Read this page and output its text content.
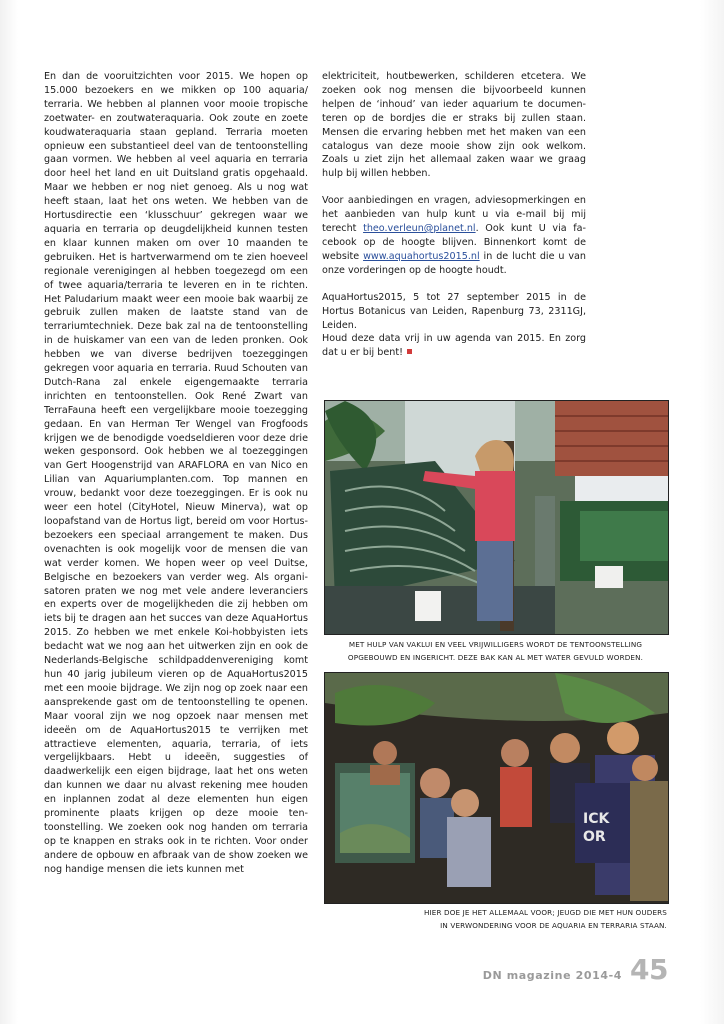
En dan de vooruitzichten voor 2015. We hopen op 15.000 bezoekers en we mikken op 100 aquaria/ terraria. We hebben al plannen voor mooie tropische zoetwater- en zoutwateraquaria. Ook zoute en zoete koudwateraquaria staan gepland. Terraria moeten opnieuw een substantieel deel van de tentoonstelling gaan vormen. We hebben al veel aquaria en terraria door heel het land en uit Duitsland gratis opgehaald. Maar we hebben er nog niet genoeg. Als u nog wat heeft staan, laat het ons weten. We hebben van de Hortusdirectie een ‘klusschuur’ gekregen waar we aquaria en terraria op deugdelijkheid kunnen testen en klaar kunnen maken om over 10 maanden te gebruiken. Het is hartverwarmend om te zien hoeveel regionale verenigingen al hebben toegezegd om een of twee aquaria/terraria te leveren en in te richten. Het Paludarium maakt weer een mooie bak waarbij ze gebruik zullen maken de laatste stand van de terrariumtechniek. Deze bak zal na de tentoonstelling in de huiskamer van een van de leden pronken. Ook hebben we van diverse bedrijven toezeggingen gekregen voor aquaria en terraria. Ruud Schouten van Dutch-Rana zal enkele eigengemaakte terraria inrichten en tentoonstellen. Ook René Zwart van TerraFauna heeft een vergelijkbare mooie toezegging gedaan. En van Herman Ter Wengel van Frogfoods krijgen we de benodigde voedseldieren voor deze drie weken gesponsord. Ook hebben we al toezeggingen van Gert Hoogenstrijd van ARAFLORA en van Nico en Lilian van Aquariumplanten.com. Top mannen en vrouw, bedankt voor deze toezeggingen. Er is ook nu weer een hotel (CityHotel, Nieuw Minerva), wat op loopafstand van de Hortus ligt, bereid om voor Hortusbezoekers een speciaal arrangement te maken. Dus ovenachten is ook mogelijk voor de mensen die van wat verder komen. We hopen weer op veel Duitse, Belgische en bezoekers van verder weg. Als organisatoren praten we nog met vele andere leveranciers en experts over de mogelijkheden die zij hebben om iets bij te dragen aan het succes van deze AquaHortus 2015. Zo hebben we met enkele Koi-hobbyisten iets bedacht wat we nog aan het uitwerken zijn en ook de Nederlands-Belgische schildpaddenvereniging komt hun 40 jarig jubileum vieren op de AquaHortus2015 met een mooie bijdrage. We zijn nog op zoek naar een aansprekende gast om de tentoonstelling te openen. Maar vooral zijn we nog opzoek naar mensen met ideeën om de AquaHortus2015 te verrijken met attractieve elementen, aquaria, terraria, of iets vergelijkbaars. Hebt u ideeën, suggesties of daadwerkelijk een eigen bijdrage, laat het ons weten dan kunnen we daar nu alvast rekening mee houden en inplannen zodat al deze elementen hun eigen prominente plaats krijgen op deze mooie tentoonstelling. We zoeken ook nog handen om terraria op te knappen en straks ook in te richten. Voor onder andere de opbouw en afbraak van de show zoeken we nog handige mensen die iets kunnen met

elektriciteit, houtbewerken, schilderen etcetera. We zoeken ook nog mensen die bijvoorbeeld kunnen helpen de ‘inhoud’ van ieder aquarium te documenteren op de bordjes die er straks bij zullen staan. Mensen die ervaring hebben met het maken van een catalogus van deze mooie show zijn ook welkom. Zoals u ziet zijn het allemaal zaken waar we graag hulp bij willen hebben.

Voor aanbiedingen en vragen, adviesopmerkingen en het aanbieden van hulp kunt u via e-mail bij mij terecht theo.verleun@planet.nl. Ook kunt U via facebook op de hoogte blijven. Binnenkort komt de website www.aquahortus2015.nl in de lucht die u van onze vorderingen op de hoogte houdt.

AquaHortus2015, 5 tot 27 september 2015 in de Hortus Botanicus van Leiden, Rapenburg 73, 2311GJ, Leiden.

Houd deze data vrij in uw agenda van 2015. En zorg dat u er bij bent!

MET HULP VAN VAKLUI EN VEEL VRIJWILLIGERS WORDT DE TENTOONSTELLING OPGEBOUWD EN INGERICHT. DEZE BAK KAN AL MET WATER GEVULD WORDEN.
ICK
OR
HIER DOE JE HET ALLEMAAL VOOR; JEUGD DIE MET HUN OUDERS
IN VERWONDERING VOOR DE AQUARIA EN TERRARIA STAAN.
DN magazine 2014-4 45
